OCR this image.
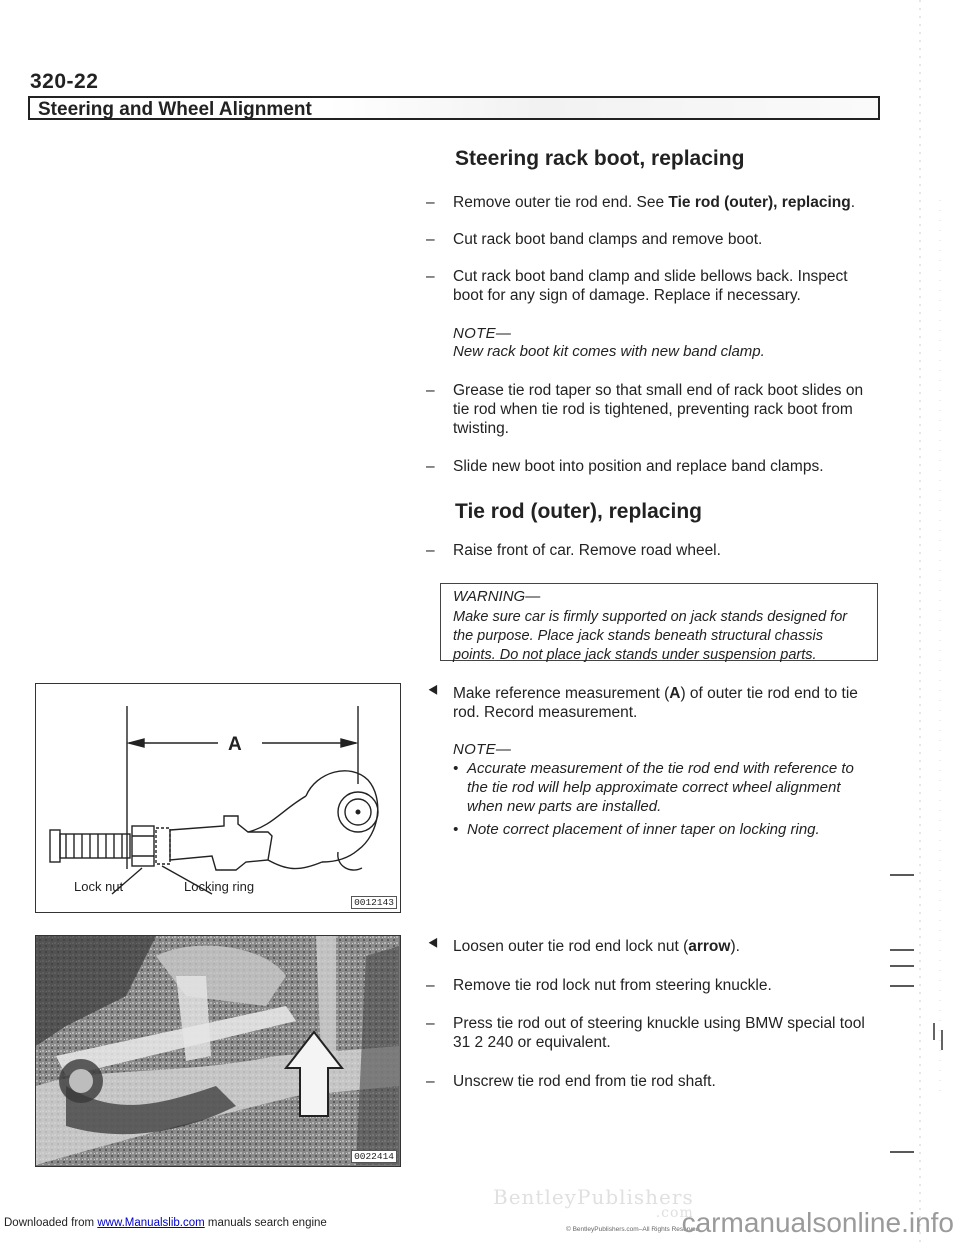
320-22
Steering and Wheel Alignment
Steering rack boot, replacing
– Remove outer tie rod end. See Tie rod (outer), replacing.
– Cut rack boot band clamps and remove boot.
– Cut rack boot band clamp and slide bellows back. Inspect boot for any sign of damage. Replace if necessary.
NOTE—
New rack boot kit comes with new band clamp.
– Grease tie rod taper so that small end of rack boot slides on tie rod when tie rod is tightened, preventing rack boot from twisting.
– Slide new boot into position and replace band clamps.
Tie rod (outer), replacing
– Raise front of car. Remove road wheel.
WARNING—
Make sure car is firmly supported on jack stands designed for the purpose. Place jack stands beneath structural chassis points. Do not place jack stands under suspension parts.
⯇ Make reference measurement (A) of outer tie rod end to tie rod. Record measurement.
NOTE—
• Accurate measurement of the tie rod end with reference to the tie rod will help approximate correct wheel alignment when new parts are installed.
• Note correct placement of inner taper on locking ring.
A
Lock nut	Locking ring
0012143
⯇ Loosen outer tie rod end lock nut (arrow).
– Remove tie rod lock nut from steering knuckle.
– Press tie rod out of steering knuckle using BMW special tool 31 2 240 or equivalent.
– Unscrew tie rod end from tie rod shaft.
0022414
BentleyPublishers
.com
© BentleyPublishers.com–All Rights Reserved
Downloaded from www.Manualslib.com manuals search engine	carmanualsonline.info
